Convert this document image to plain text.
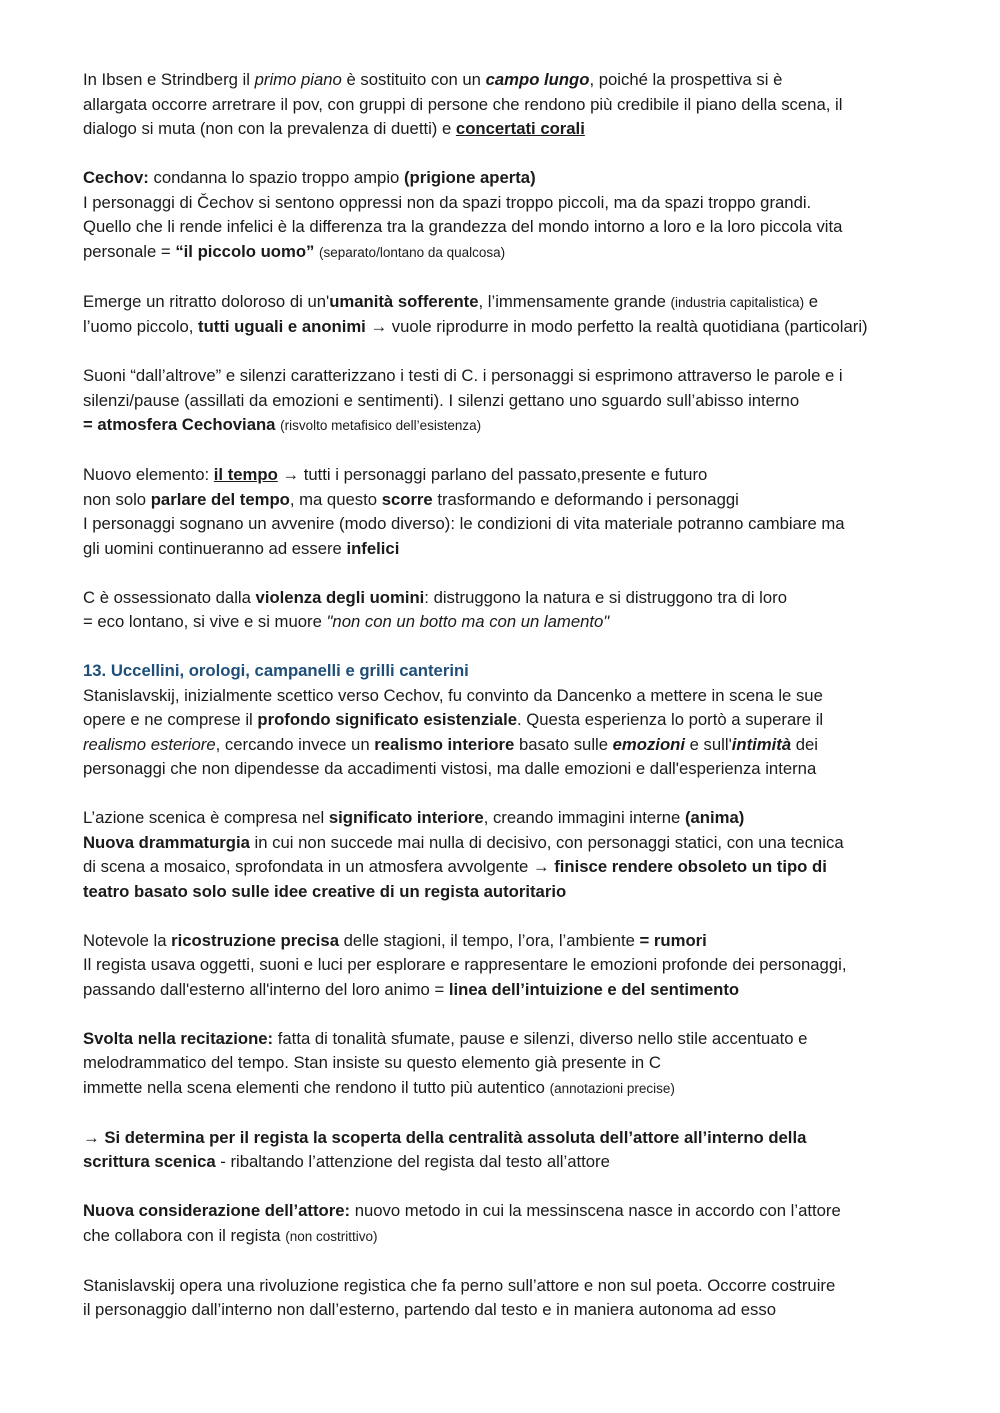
In Ibsen e Strindberg il primo piano è sostituito con un campo lungo, poiché la prospettiva si è
allargata occorre arretrare il pov, con gruppi di persone che rendono più credibile il piano della scena, il
dialogo si muta (non con la prevalenza di duetti) e concertati corali

Cechov: condanna lo spazio troppo ampio (prigione aperta)
I personaggi di Čechov si sentono oppressi non da spazi troppo piccoli, ma da spazi troppo grandi.
Quello che li rende infelici è la differenza tra la grandezza del mondo intorno a loro e la loro piccola vita
personale = “il piccolo uomo” (separato/lontano da qualcosa)

Emerge un ritratto doloroso di un'umanità sofferente, l’immensamente grande (industria capitalistica) e
l’uomo piccolo, tutti uguali e anonimi → vuole riprodurre in modo perfetto la realtà quotidiana (particolari)

Suoni “dall’altrove” e silenzi caratterizzano i testi di C. i personaggi si esprimono attraverso le parole e i
silenzi/pause (assillati da emozioni e sentimenti). I silenzi gettano uno sguardo sull’abisso interno
= atmosfera Cechoviana (risvolto metafisico dell’esistenza)

Nuovo elemento: il tempo → tutti i personaggi parlano del passato,presente e futuro
non solo parlare del tempo, ma questo scorre trasformando e deformando i personaggi
I personaggi sognano un avvenire (modo diverso): le condizioni di vita materiale potranno cambiare ma
gli uomini continueranno ad essere infelici

C è ossessionato dalla violenza degli uomini: distruggono la natura e si distruggono tra di loro
= eco lontano, si vive e si muore "non con un botto ma con un lamento"

13. Uccellini, orologi, campanelli e grilli canterini

Stanislavskij, inizialmente scettico verso Cechov, fu convinto da Dancenko a mettere in scena le sue
opere e ne comprese il profondo significato esistenziale. Questa esperienza lo portò a superare il
realismo esteriore, cercando invece un realismo interiore basato sulle emozioni e sull'intimità dei
personaggi che non dipendesse da accadimenti vistosi, ma dalle emozioni e dall'esperienza interna

L’azione scenica è compresa nel significato interiore, creando immagini interne (anima)
Nuova drammaturgia in cui non succede mai nulla di decisivo, con personaggi statici, con una tecnica
di scena a mosaico, sprofondata in un atmosfera avvolgente → finisce rendere obsoleto un tipo di
teatro basato solo sulle idee creative di un regista autoritario

Notevole la ricostruzione precisa delle stagioni, il tempo, l’ora, l’ambiente = rumori
Il regista usava oggetti, suoni e luci per esplorare e rappresentare le emozioni profonde dei personaggi,
passando dall'esterno all'interno del loro animo = linea dell’intuizione e del sentimento

Svolta nella recitazione: fatta di tonalità sfumate, pause e silenzi, diverso nello stile accentuato e
melodrammatico del tempo. Stan insiste su questo elemento già presente in C
immette nella scena elementi che rendono il tutto più autentico (annotazioni precise)

→ Si determina per il regista la scoperta della centralità assoluta dell’attore all’interno della
scrittura scenica - ribaltando l’attenzione del regista dal testo all’attore

Nuova considerazione dell’attore: nuovo metodo in cui la messinscena nasce in accordo con l’attore
che collabora con il regista (non costrittivo)

Stanislavskij opera una rivoluzione registica che fa perno sull’attore e non sul poeta. Occorre costruire
il personaggio dall’interno non dall’esterno, partendo dal testo e in maniera autonoma ad esso
